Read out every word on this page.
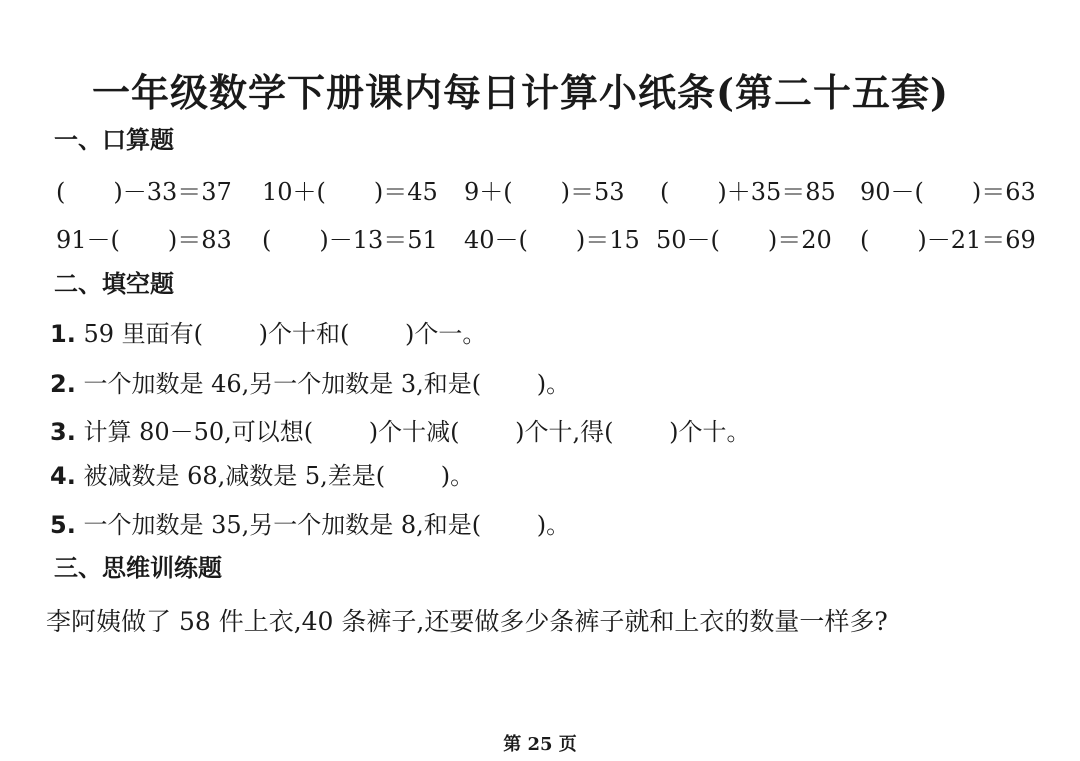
一年级数学下册课内每日计算小纸条(第二十五套)
一、口算题
(　　)－33＝37 10＋(　　)＝45 9＋(　　)＝53 (　　)＋35＝85 90－(　　)＝63
91－(　　)＝83 (　　)－13＝51 40－(　　)＝15 50－(　　)＝20 (　　)－21＝69
二、填空题
1. 59 里面有(　　 )个十和(　　 )个一。
2. 一个加数是 46,另一个加数是 3,和是(　　 )。
3. 计算 80－50,可以想(　　 )个十减(　　 )个十,得(　　 )个十。
4. 被减数是 68,减数是 5,差是(　　 )。
5. 一个加数是 35,另一个加数是 8,和是(　　 )。
三、思维训练题
李阿姨做了 58 件上衣,40 条裤子,还要做多少条裤子就和上衣的数量一样多?
第 25 页
